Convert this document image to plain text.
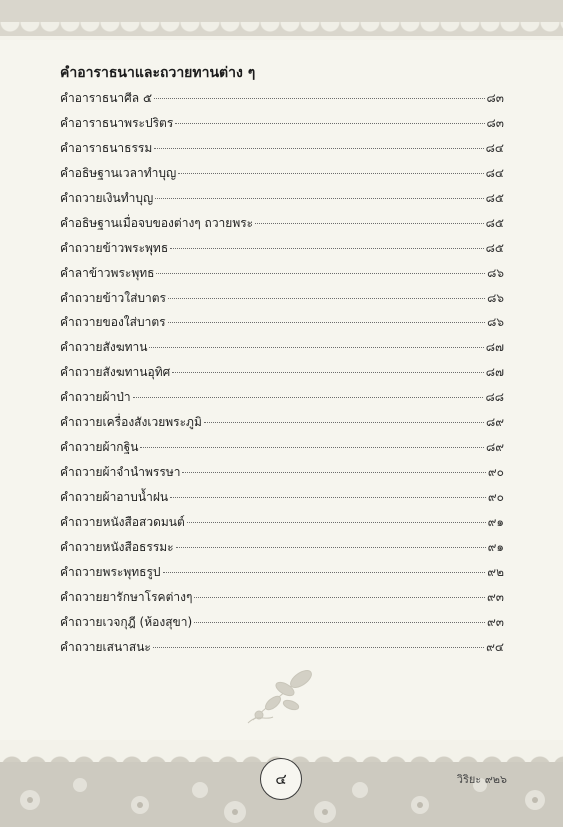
คำอาราธนาและถวายทานต่าง ๆ
คำอาราธนาศีล ๕	๘๓
คำอาราธนาพระปริตร	๘๓
คำอาราธนาธรรม	๘๔
คำอธิษฐานเวลาทำบุญ	๘๔
คำถวายเงินทำบุญ	๘๕
คำอธิษฐานเมื่อจบของต่างๆ ถวายพระ	๘๕
คำถวายข้าวพระพุทธ	๘๕
คำลาข้าวพระพุทธ	๘๖
คำถวายข้าวใส่บาตร	๘๖
คำถวายของใส่บาตร	๘๖
คำถวายสังฆทาน	๘๗
คำถวายสังฆทานอุทิศ	๘๗
คำถวายผ้าป่า	๘๘
คำถวายเครื่องสังเวยพระภูมิ	๘๙
คำถวายผ้ากฐิน	๘๙
คำถวายผ้าจำนำพรรษา	๙๐
คำถวายผ้าอาบน้ำฝน	๙๐
คำถวายหนังสือสวดมนต์	๙๑
คำถวายหนังสือธรรมะ	๙๑
คำถวายพระพุทธรูป	๙๒
คำถวายยารักษาโรคต่างๆ	๙๓
คำถวายเวจกุฎี (ห้องสุขา)	๙๓
คำถวายเสนาสนะ	๙๔
๔	วิริยะ ๙๒๖
